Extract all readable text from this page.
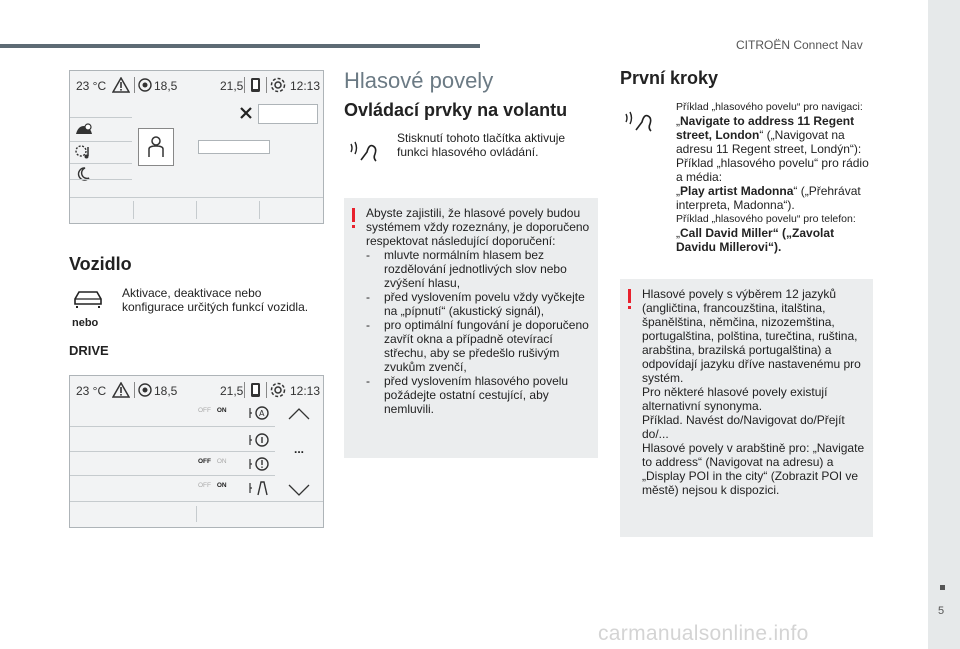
CITROËN Connect Nav
5
carmanualsonline.info
23 °C	18,5	21,5	12:13
Vozidlo
nebo
DRIVE
Aktivace, deaktivace nebo konfigurace určitých funkcí vozidla.
23 °C	18,5	21,5	12:13
OFF ON	A
...
OFF ON
OFF ON
Hlasové povely
Ovládací prvky na volantu
Stisknutí tohoto tlačítka aktivuje funkci hlasového ovládání.
Abyste zajistili, že hlasové povely budou systémem vždy rozeznány, je doporučeno respektovat následující doporučení:
- mluvte normálním hlasem bez rozdělování jednotlivých slov nebo zvýšení hlasu,
- před vyslovením povelu vždy vyčkejte na „pípnutí“ (akustický signál),
- pro optimální fungování je doporučeno zavřít okna a případně otevírací střechu, aby se předešlo rušivým zvukům zvenčí,
- před vyslovením hlasového povelu požádejte ostatní cestující, aby nemluvili.
První kroky
Příklad „hlasového povelu“ pro navigaci:
„Navigate to address 11 Regent street, London“ („Navigovat na adresu 11 Regent street, Londýn“):
Příklad „hlasového povelu“ pro rádio a média:
„Play artist Madonna“ („Přehrávat interpreta, Madonna“).
Příklad „hlasového povelu“ pro telefon:
„Call David Miller“ („Zavolat Davidu Millerovi“).
Hlasové povely s výběrem 12 jazyků (angličtina, francouzština, italština, španělština, němčina, nizozemština, portugalština, polština, turečtina, ruština, arabština, brazilská portugalština) a odpovídají jazyku dříve nastavenému pro systém.
Pro některé hlasové povely existují alternativní synonyma.
Příklad. Navést do/Navigovat do/Přejít do/...
Hlasové povely v arabštině pro: „Navigate to address“ (Navigovat na adresu) a „Display POI in the city“ (Zobrazit POI ve městě) nejsou k dispozici.
